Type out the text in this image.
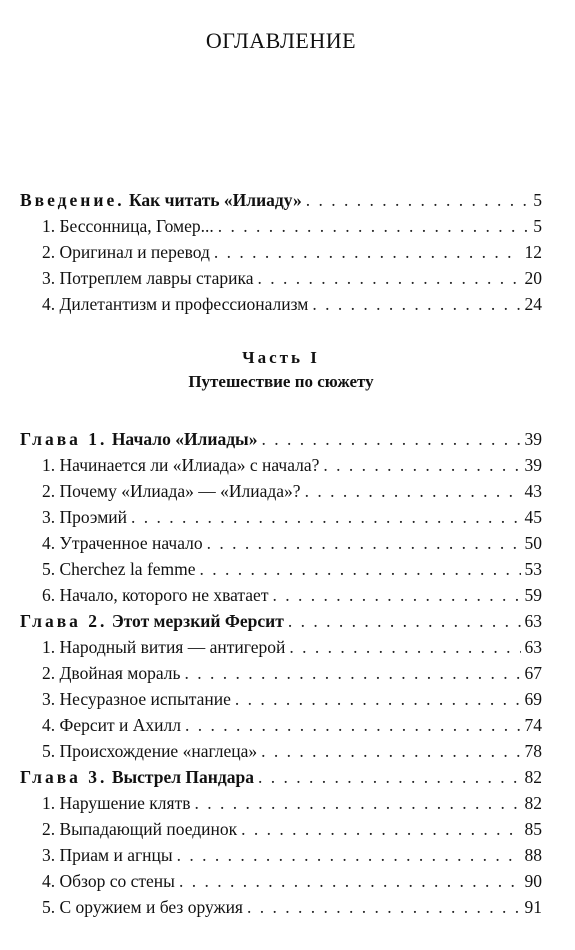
ОГЛАВЛЕНИЕ
Введение. Как читать «Илиаду» . . .	5
1. Бессонница, Гомер... . . .	5
2. Оригинал и перевод . . .	12
3. Потреплем лавры старика . . .	20
4. Дилетантизм и профессионализм . . .	24
Часть I
Путешествие по сюжету
Глава 1. Начало «Илиады» . . .	39
1. Начинается ли «Илиада» с начала? . . .	39
2. Почему «Илиада» — «Илиада»? . . .	43
3. Проэмий . . .	45
4. Утраченное начало . . .	50
5. Cherchez la femme . . .	53
6. Начало, которого не хватает . . .	59
Глава 2. Этот мерзкий Ферсит . . .	63
1. Народный вития — антигерой . . .	63
2. Двойная мораль . . .	67
3. Несуразное испытание . . .	69
4. Ферсит и Ахилл . . .	74
5. Происхождение «наглеца» . . .	78
Глава 3. Выстрел Пандара . . .	82
1. Нарушение клятв . . .	82
2. Выпадающий поединок . . .	85
3. Приам и агнцы . . .	88
4. Обзор со стены . . .	90
5. С оружием и без оружия . . .	91
